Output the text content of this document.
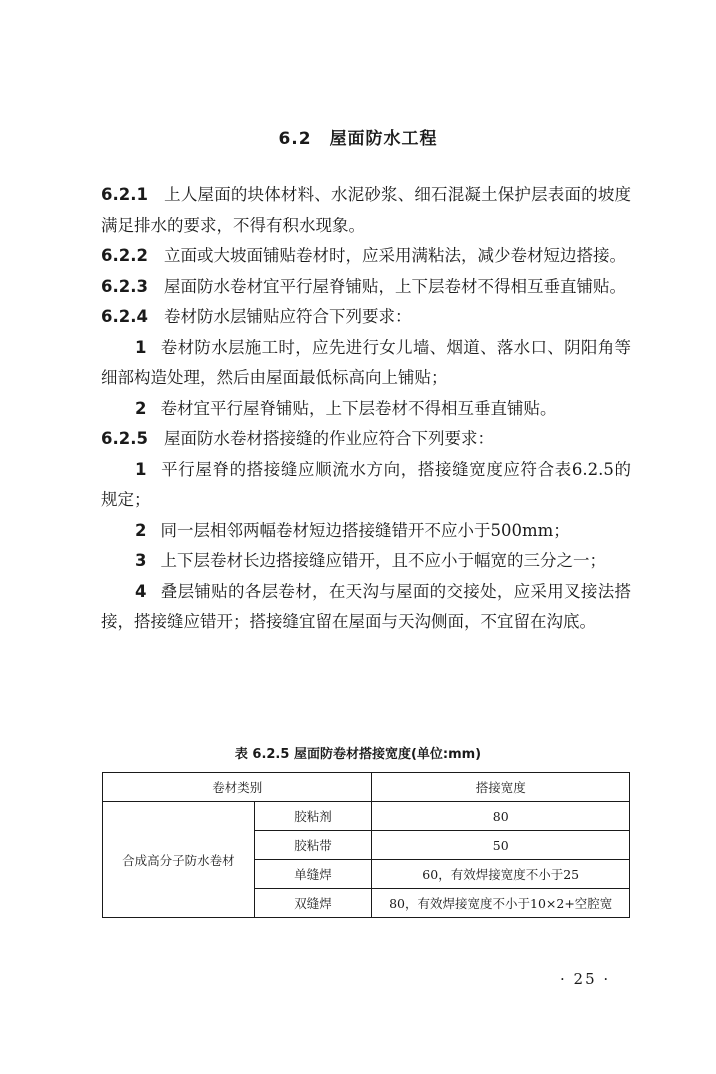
6.2 屋面防水工程

6.2.1 上人屋面的块体材料、水泥砂浆、细石混凝土保护层表面的坡度满足排水的要求，不得有积水现象。

6.2.2 立面或大坡面铺贴卷材时，应采用满粘法，减少卷材短边搭接。

6.2.3 屋面防水卷材宜平行屋脊铺贴，上下层卷材不得相互垂直铺贴。

6.2.4 卷材防水层铺贴应符合下列要求：

1 卷材防水层施工时，应先进行女儿墙、烟道、落水口、阴阳角等细部构造处理，然后由屋面最低标高向上铺贴；

2 卷材宜平行屋脊铺贴，上下层卷材不得相互垂直铺贴。

6.2.5 屋面防水卷材搭接缝的作业应符合下列要求：

1 平行屋脊的搭接缝应顺流水方向，搭接缝宽度应符合表6.2.5的规定；

2 同一层相邻两幅卷材短边搭接缝错开不应小于500mm；

3 上下层卷材长边搭接缝应错开，且不应小于幅宽的三分之一；

4 叠层铺贴的各层卷材，在天沟与屋面的交接处，应采用叉接法搭接，搭接缝应错开；搭接缝宜留在屋面与天沟侧面，不宜留在沟底。

表 6.2.5 屋面防卷材搭接宽度(单位:mm)
卷材类别		搭接宽度
合成高分子防水卷材	胶粘剂	80
	胶粘带	50
	单缝焊	60，有效焊接宽度不小于25
	双缝焊	80，有效焊接宽度不小于10×2+空腔宽
· 25 ·
